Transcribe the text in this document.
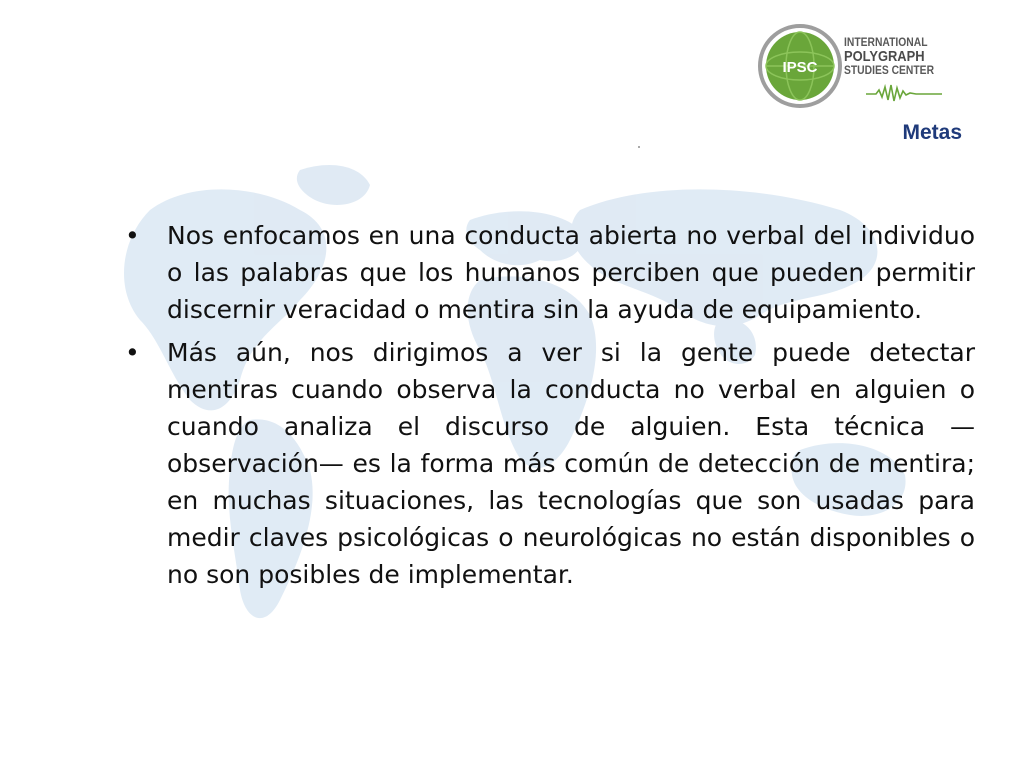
IPSC
INTERNATIONAL
POLYGRAPH
STUDIES CENTER
Metas
• Nos enfocamos en una conducta abierta no verbal del individuo o las palabras que los humanos perciben que pueden permitir discernir veracidad o mentira sin la ayuda de equipamiento.
• Más aún, nos dirigimos a ver si la gente puede detectar mentiras cuando observa la conducta no verbal en alguien o cuando analiza el discurso de alguien. Esta técnica — observación— es la forma más común de detección de mentira; en muchas situaciones, las tecnologías que son usadas para medir claves psicológicas o neurológicas no están disponibles o no son posibles de implementar.
